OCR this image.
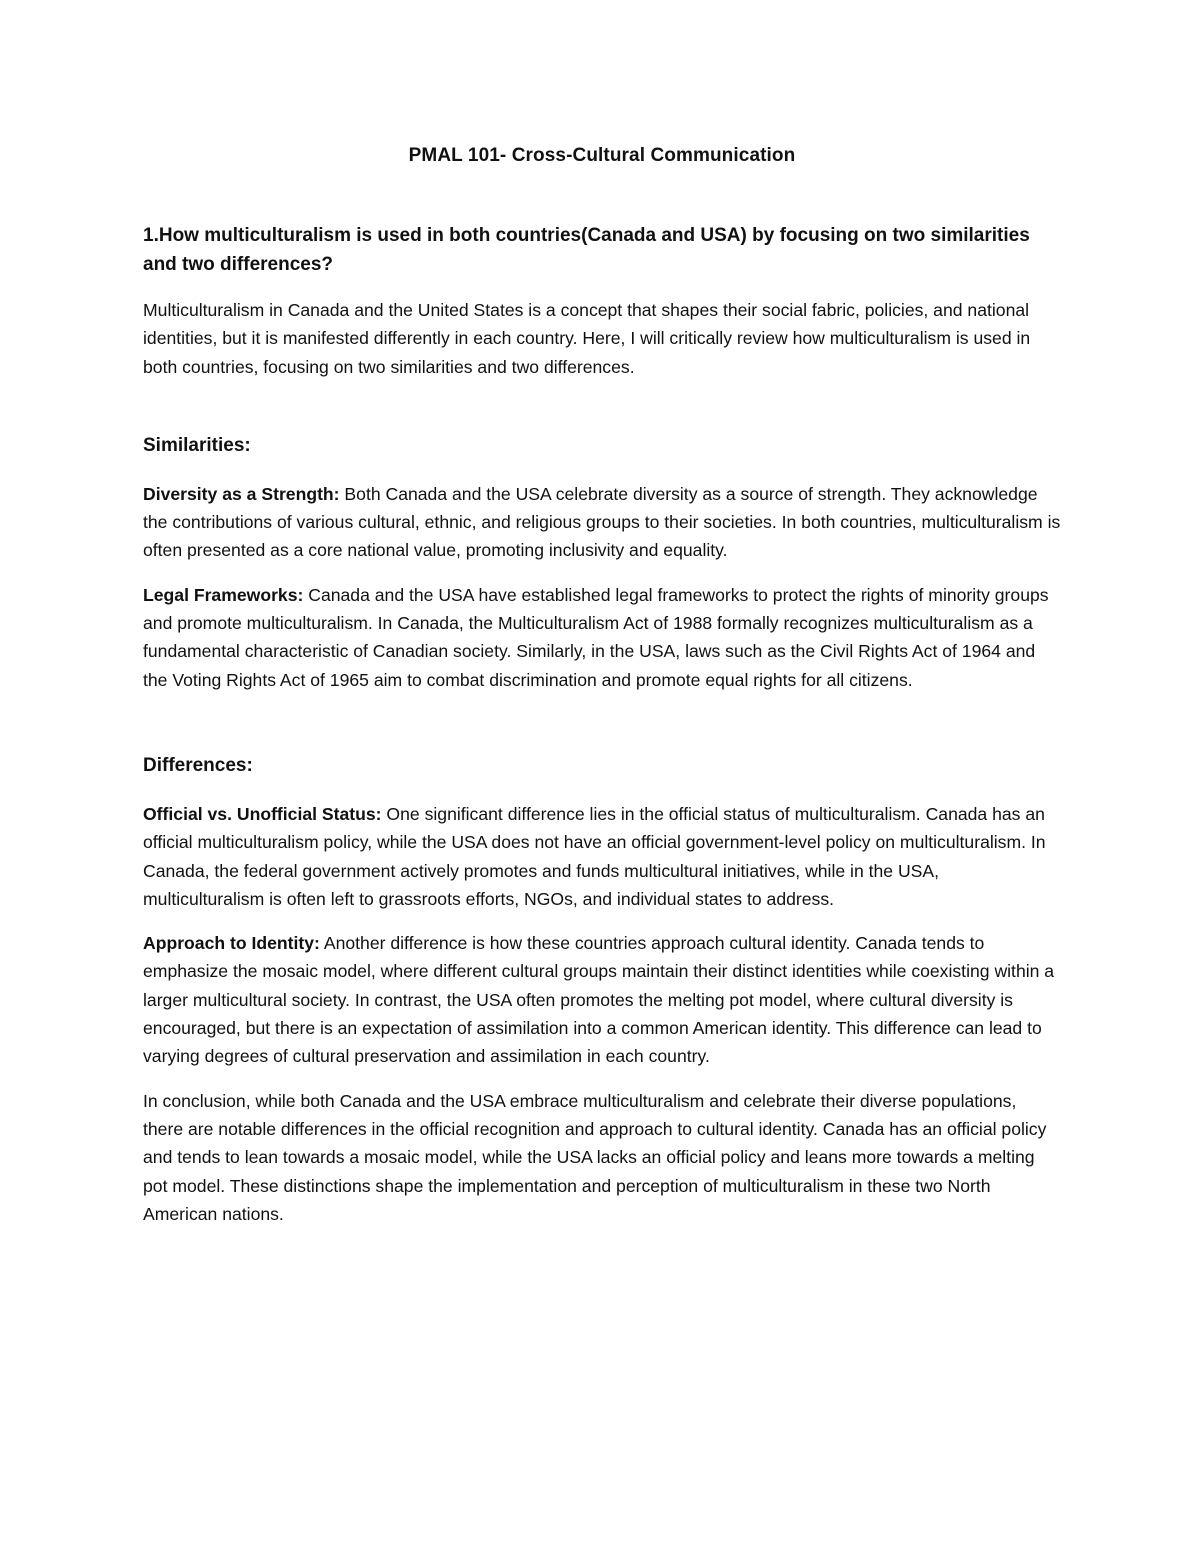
PMAL 101- Cross-Cultural Communication

1.How multiculturalism is used in both countries(Canada and USA) by focusing on two similarities and two differences?

Multiculturalism in Canada and the United States is a concept that shapes their social fabric, policies, and national identities, but it is manifested differently in each country. Here, I will critically review how multiculturalism is used in both countries, focusing on two similarities and two differences.

Similarities:

Diversity as a Strength: Both Canada and the USA celebrate diversity as a source of strength. They acknowledge the contributions of various cultural, ethnic, and religious groups to their societies. In both countries, multiculturalism is often presented as a core national value, promoting inclusivity and equality.

Legal Frameworks: Canada and the USA have established legal frameworks to protect the rights of minority groups and promote multiculturalism. In Canada, the Multiculturalism Act of 1988 formally recognizes multiculturalism as a fundamental characteristic of Canadian society. Similarly, in the USA, laws such as the Civil Rights Act of 1964 and the Voting Rights Act of 1965 aim to combat discrimination and promote equal rights for all citizens.

Differences:

Official vs. Unofficial Status: One significant difference lies in the official status of multiculturalism. Canada has an official multiculturalism policy, while the USA does not have an official government-level policy on multiculturalism. In Canada, the federal government actively promotes and funds multicultural initiatives, while in the USA, multiculturalism is often left to grassroots efforts, NGOs, and individual states to address.

Approach to Identity: Another difference is how these countries approach cultural identity. Canada tends to emphasize the mosaic model, where different cultural groups maintain their distinct identities while coexisting within a larger multicultural society. In contrast, the USA often promotes the melting pot model, where cultural diversity is encouraged, but there is an expectation of assimilation into a common American identity. This difference can lead to varying degrees of cultural preservation and assimilation in each country.

In conclusion, while both Canada and the USA embrace multiculturalism and celebrate their diverse populations, there are notable differences in the official recognition and approach to cultural identity. Canada has an official policy and tends to lean towards a mosaic model, while the USA lacks an official policy and leans more towards a melting pot model. These distinctions shape the implementation and perception of multiculturalism in these two North American nations.
